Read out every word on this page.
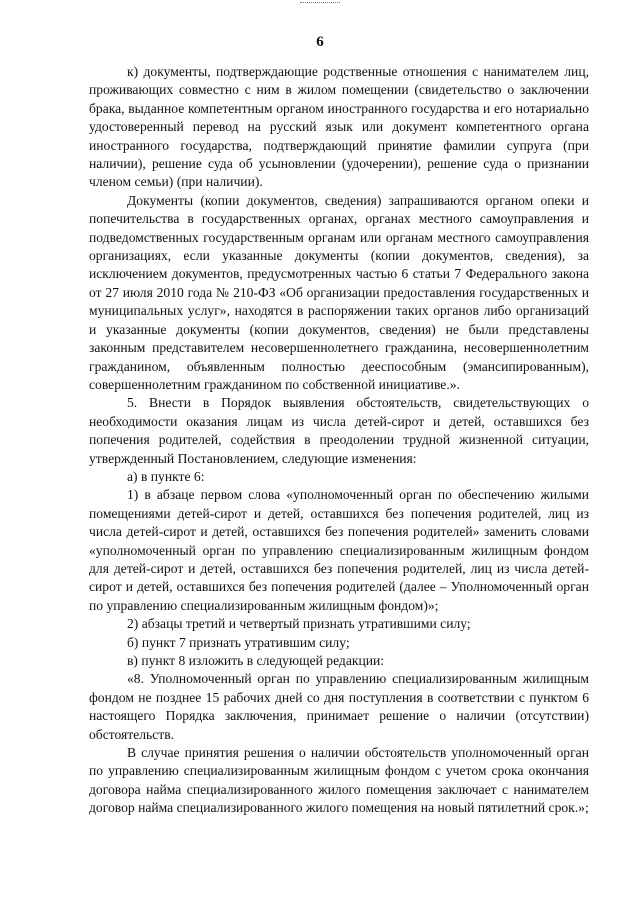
6

к) документы, подтверждающие родственные отношения с нанимателем лиц, проживающих совместно с ним в жилом помещении (свидетельство о заключении брака, выданное компетентным органом иностранного государства и его нотариально удостоверенный перевод на русский язык или документ компетентного органа иностранного государства, подтверждающий принятие фамилии супруга (при наличии), решение суда об усыновлении (удочерении), решение суда о признании членом семьи) (при наличии).

Документы (копии документов, сведения) запрашиваются органом опеки и попечительства в государственных органах, органах местного самоуправления и подведомственных государственным органам или органам местного самоуправления организациях, если указанные документы (копии документов, сведения), за исключением документов, предусмотренных частью 6 статьи 7 Федерального закона от 27 июля 2010 года № 210-ФЗ «Об организации предоставления государственных и муниципальных услуг», находятся в распоряжении таких органов либо организаций и указанные документы (копии документов, сведения) не были представлены законным представителем несовершеннолетнего гражданина, несовершеннолетним гражданином, объявленным полностью дееспособным (эмансипированным), совершеннолетним гражданином по собственной инициативе.».

5. Внести в Порядок выявления обстоятельств, свидетельствующих о необходимости оказания лицам из числа детей-сирот и детей, оставшихся без попечения родителей, содействия в преодолении трудной жизненной ситуации, утвержденный Постановлением, следующие изменения:

а) в пункте 6:

1) в абзаце первом слова «уполномоченный орган по обеспечению жилыми помещениями детей-сирот и детей, оставшихся без попечения родителей, лиц из числа детей-сирот и детей, оставшихся без попечения родителей» заменить словами «уполномоченный орган по управлению специализированным жилищным фондом для детей-сирот и детей, оставшихся без попечения родителей, лиц из числа детей-сирот и детей, оставшихся без попечения родителей (далее – Уполномоченный орган по управлению специализированным жилищным фондом)»;

2) абзацы третий и четвертый признать утратившими силу;

б) пункт 7 признать утратившим силу;

в) пункт 8 изложить в следующей редакции:

«8. Уполномоченный орган по управлению специализированным жилищным фондом не позднее 15 рабочих дней со дня поступления в соответствии с пунктом 6 настоящего Порядка заключения, принимает решение о наличии (отсутствии) обстоятельств.

В случае принятия решения о наличии обстоятельств уполномоченный орган по управлению специализированным жилищным фондом с учетом срока окончания договора найма специализированного жилого помещения заключает с нанимателем договор найма специализированного жилого помещения на новый пятилетний срок.»;
